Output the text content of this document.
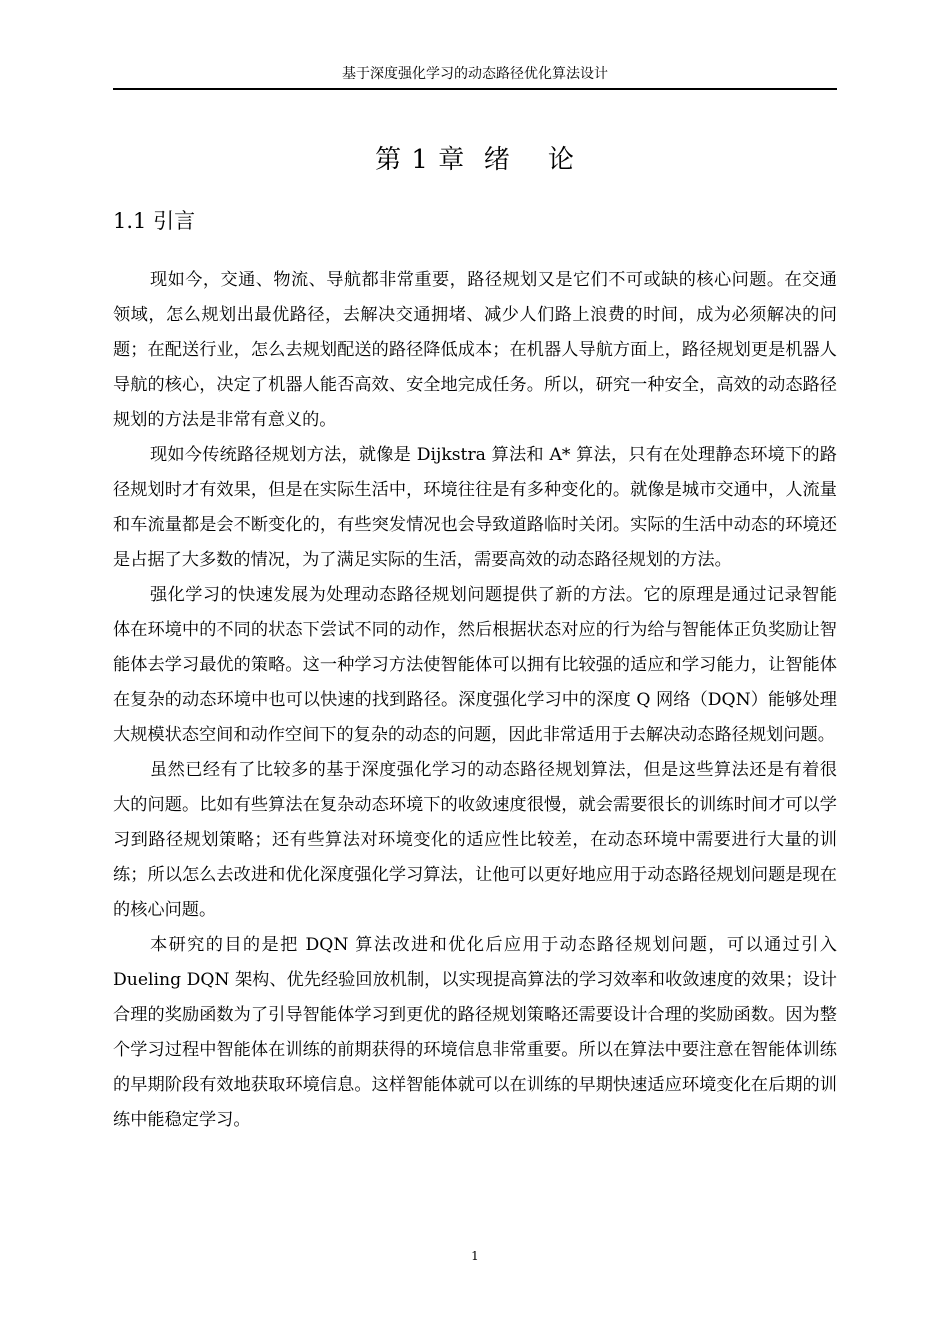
基于深度强化学习的动态路径优化算法设计
第 1 章  绪    论
1.1 引言

现如今，交通、物流、导航都非常重要，路径规划又是它们不可或缺的核心问题。在交通领域，怎么规划出最优路径，去解决交通拥堵、减少人们路上浪费的时间，成为必须解决的问题；在配送行业，怎么去规划配送的路径降低成本；在机器人导航方面上，路径规划更是机器人导航的核心，决定了机器人能否高效、安全地完成任务。所以，研究一种安全，高效的动态路径规划的方法是非常有意义的。

现如今传统路径规划方法，就像是 Dijkstra 算法和 A* 算法，只有在处理静态环境下的路径规划时才有效果，但是在实际生活中，环境往往是有多种变化的。就像是城市交通中，人流量和车流量都是会不断变化的，有些突发情况也会导致道路临时关闭。实际的生活中动态的环境还是占据了大多数的情况，为了满足实际的生活，需要高效的动态路径规划的方法。

强化学习的快速发展为处理动态路径规划问题提供了新的方法。它的原理是通过记录智能体在环境中的不同的状态下尝试不同的动作，然后根据状态对应的行为给与智能体正负奖励让智能体去学习最优的策略。这一种学习方法使智能体可以拥有比较强的适应和学习能力，让智能体在复杂的动态环境中也可以快速的找到路径。深度强化学习中的深度 Q 网络（DQN）能够处理大规模状态空间和动作空间下的复杂的动态的问题，因此非常适用于去解决动态路径规划问题。

虽然已经有了比较多的基于深度强化学习的动态路径规划算法，但是这些算法还是有着很大的问题。比如有些算法在复杂动态环境下的收敛速度很慢，就会需要很长的训练时间才可以学习到路径规划策略；还有些算法对环境变化的适应性比较差，在动态环境中需要进行大量的训练；所以怎么去改进和优化深度强化学习算法，让他可以更好地应用于动态路径规划问题是现在的核心问题。

本研究的目的是把 DQN 算法改进和优化后应用于动态路径规划问题，可以通过引入 Dueling DQN 架构、优先经验回放机制，以实现提高算法的学习效率和收敛速度的效果；设计合理的奖励函数为了引导智能体学习到更优的路径规划策略还需要设计合理的奖励函数。因为整个学习过程中智能体在训练的前期获得的环境信息非常重要。所以在算法中要注意在智能体训练的早期阶段有效地获取环境信息。这样智能体就可以在训练的早期快速适应环境变化在后期的训练中能稳定学习。

1
